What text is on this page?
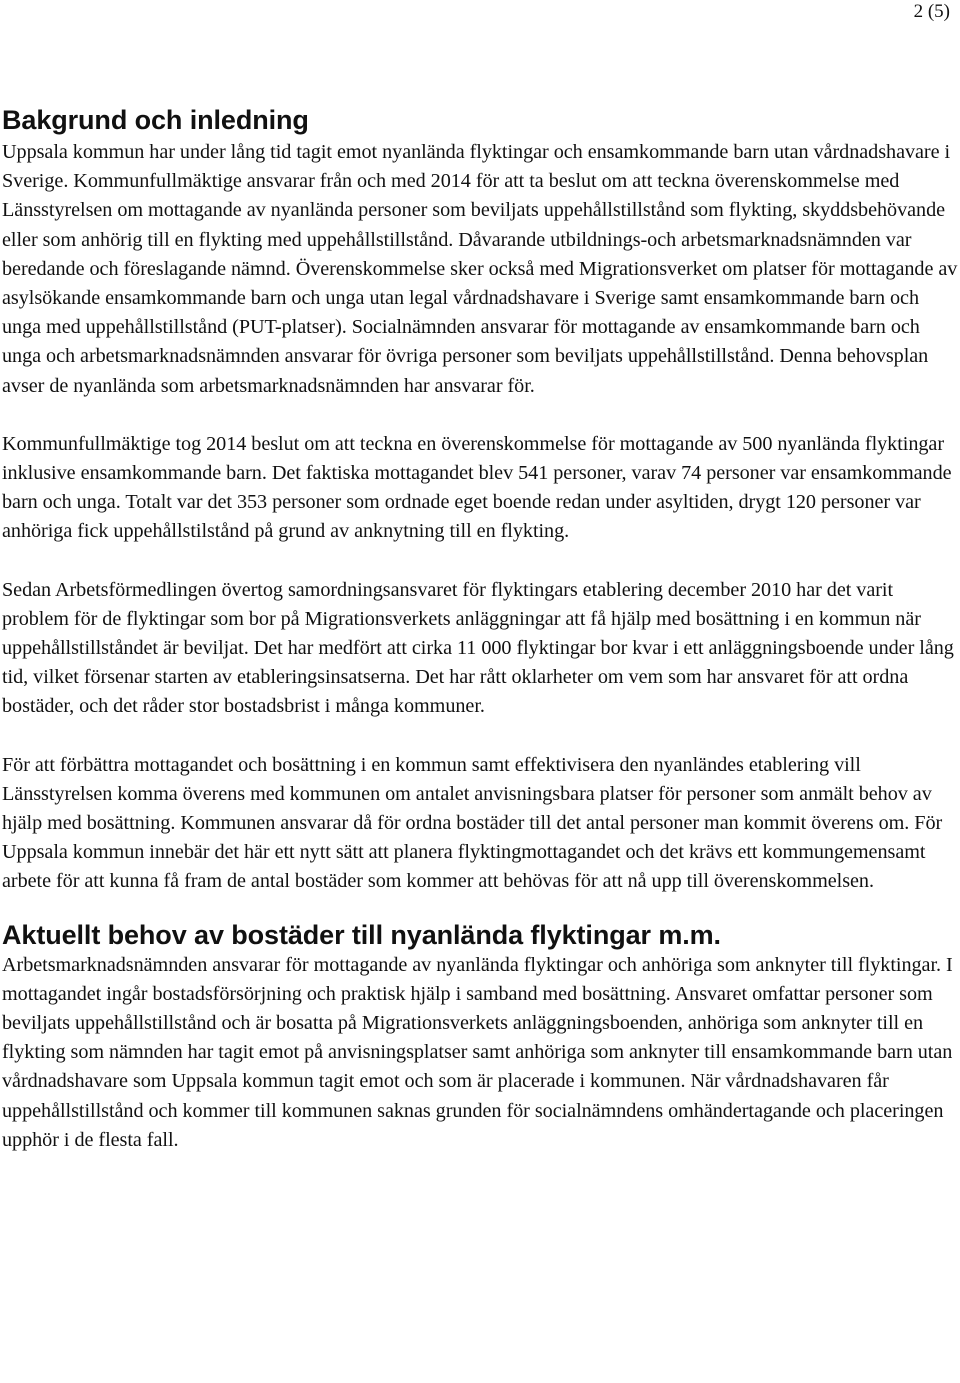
2 (5)
Bakgrund och inledning

Uppsala kommun har under lång tid tagit emot nyanlända flyktingar och ensamkommande barn utan vårdnadshavare i Sverige. Kommunfullmäktige ansvarar från och med 2014 för att ta beslut om att teckna överenskommelse med Länsstyrelsen om mottagande av nyanlända personer som beviljats uppehållstillstånd som flykting, skyddsbehövande eller som anhörig till en flykting med uppehållstillstånd. Dåvarande utbildnings-och arbetsmarknadsnämnden var beredande och föreslagande nämnd. Överenskommelse sker också med Migrationsverket om platser för mottagande av asylsökande ensamkommande barn och unga utan legal vårdnadshavare i Sverige samt ensamkommande barn och unga med uppehållstillstånd (PUT-platser). Socialnämnden ansvarar för mottagande av ensamkommande barn och unga och arbetsmarknadsnämnden ansvarar för övriga personer som beviljats uppehållstillstånd. Denna behovsplan avser de nyanlända som arbetsmarknadsnämnden har ansvarar för.

Kommunfullmäktige tog 2014 beslut om att teckna en överenskommelse för mottagande av 500 nyanlända flyktingar inklusive ensamkommande barn. Det faktiska mottagandet blev 541 personer, varav 74 personer var ensamkommande barn och unga. Totalt var det 353 personer som ordnade eget boende redan under asyltiden, drygt 120 personer var anhöriga fick uppehållstilstånd på grund av anknytning till en flykting.

Sedan Arbetsförmedlingen övertog samordningsansvaret för flyktingars etablering december 2010 har det varit problem för de flyktingar som bor på Migrationsverkets anläggningar att få hjälp med bosättning i en kommun när uppehållstillståndet är beviljat. Det har medfört att cirka 11 000 flyktingar bor kvar i ett anläggningsboende under lång tid, vilket försenar starten av etableringsinsatserna. Det har rått oklarheter om vem som har ansvaret för att ordna bostäder, och det råder stor bostadsbrist i många kommuner.

För att förbättra mottagandet och bosättning i en kommun samt effektivisera den nyanländes etablering vill Länsstyrelsen komma överens med kommunen om antalet anvisningsbara platser för personer som anmält behov av hjälp med bosättning. Kommunen ansvarar då för ordna bostäder till det antal personer man kommit överens om. För Uppsala kommun innebär det här ett nytt sätt att planera flyktingmottagandet och det krävs ett kommungemensamt arbete för att kunna få fram de antal bostäder som kommer att behövas för att nå upp till överenskommelsen.

Aktuellt behov av bostäder till nyanlända flyktingar m.m.

Arbetsmarknadsnämnden ansvarar för mottagande av nyanlända flyktingar och anhöriga som anknyter till flyktingar. I mottagandet ingår bostadsförsörjning och praktisk hjälp i samband med bosättning. Ansvaret omfattar personer som beviljats uppehållstillstånd och är bosatta på Migrationsverkets anläggningsboenden, anhöriga som anknyter till en flykting som nämnden har tagit emot på anvisningsplatser samt anhöriga som anknyter till ensamkommande barn utan vårdnadshavare som Uppsala kommun tagit emot och som är placerade i kommunen. När vårdnadshavaren får uppehållstillstånd och kommer till kommunen saknas grunden för socialnämndens omhändertagande och placeringen upphör i de flesta fall.
